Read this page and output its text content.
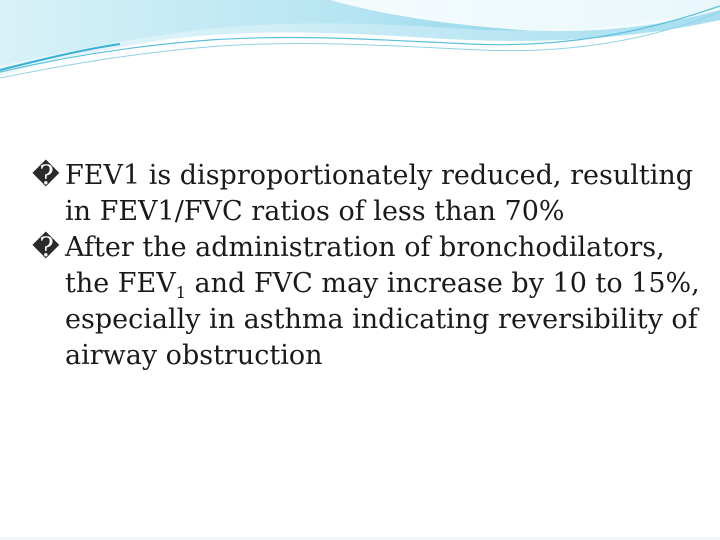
� FEV1 is disproportionately reduced, resulting in FEV1/FVC ratios of less than 70%

� After the administration of bronchodilators, the $FEV_1$ and FVC may increase by 10 to 15%, especially in asthma indicating reversibility of airway obstruction
